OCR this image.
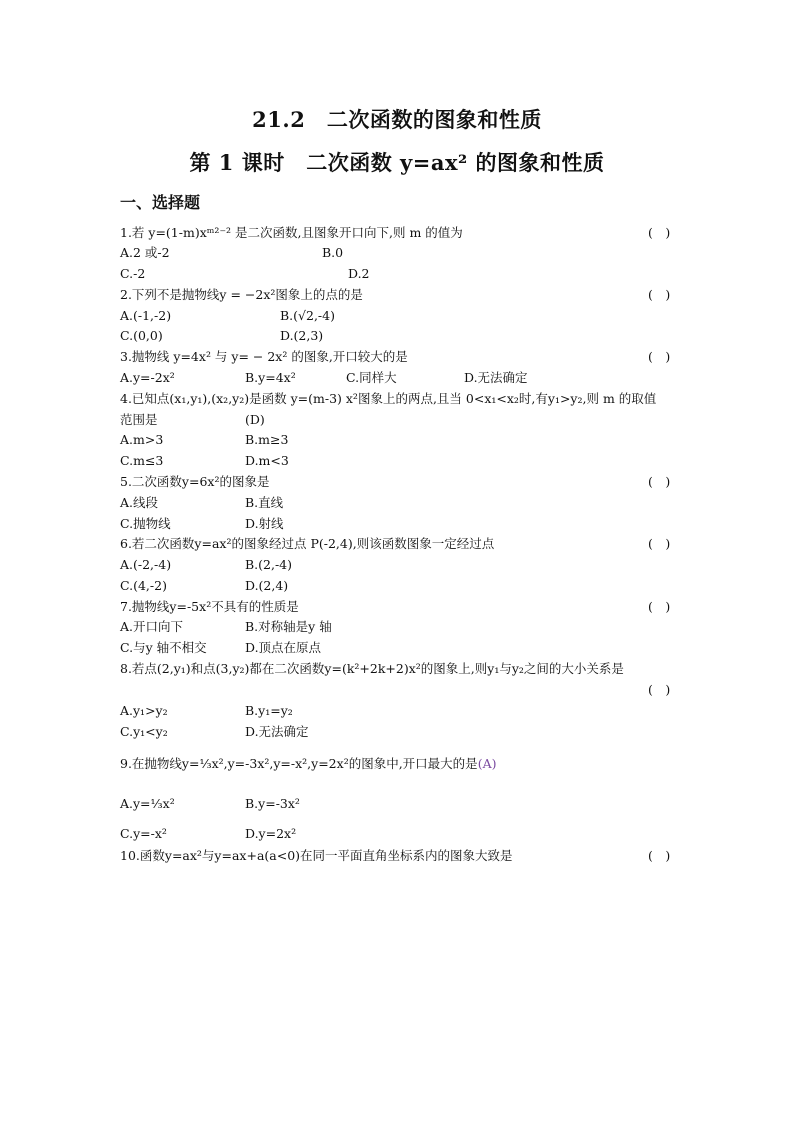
21.2　二次函数的图象和性质
第 1 课时　二次函数 y=ax² 的图象和性质
一、选择题
1.若 y=(1-m)xᵐ²⁻² 是二次函数,且图象开口向下,则 m 的值为	(　)
A.2 或-2	B.0
C.-2	D.2
2.下列不是抛物线y = −2x²图象上的点的是	(　)
A.(-1,-2)	B.(√2,-4)
C.(0,0)	D.(2,3)
3.抛物线 y=4x² 与 y= − 2x² 的图象,开口较大的是	(　)
A.y=-2x²	B.y=4x²	C.同样大	D.无法确定
4.已知点(x₁,y₁),(x₂,y₂)是函数 y=(m-3) x²图象上的两点,且当 0<x₁<x₂时,有y₁>y₂,则 m 的取值
范围是	(D)
A.m>3	B.m≥3
C.m≤3	D.m<3
5.二次函数y=6x²的图象是	(　)
A.线段	B.直线
C.抛物线	D.射线
6.若二次函数y=ax²的图象经过点 P(-2,4),则该函数图象一定经过点	(　)
A.(-2,-4)	B.(2,-4)
C.(4,-2)	D.(2,4)
7.抛物线y=-5x²不具有的性质是	(　)
A.开口向下	B.对称轴是y 轴
C.与y 轴不相交	D.顶点在原点
8.若点(2,y₁)和点(3,y₂)都在二次函数y=(k²+2k+2)x²的图象上,则y₁与y₂之间的大小关系是
(　)
A.y₁>y₂	B.y₁=y₂
C.y₁<y₂	D.无法确定
9.在抛物线y=⅓x²,y=-3x²,y=-x²,y=2x²的图象中,开口最大的是(A)
A.y=⅓x²	B.y=-3x²
C.y=-x²	D.y=2x²
10.函数y=ax²与y=ax+a(a<0)在同一平面直角坐标系内的图象大致是	(　)
